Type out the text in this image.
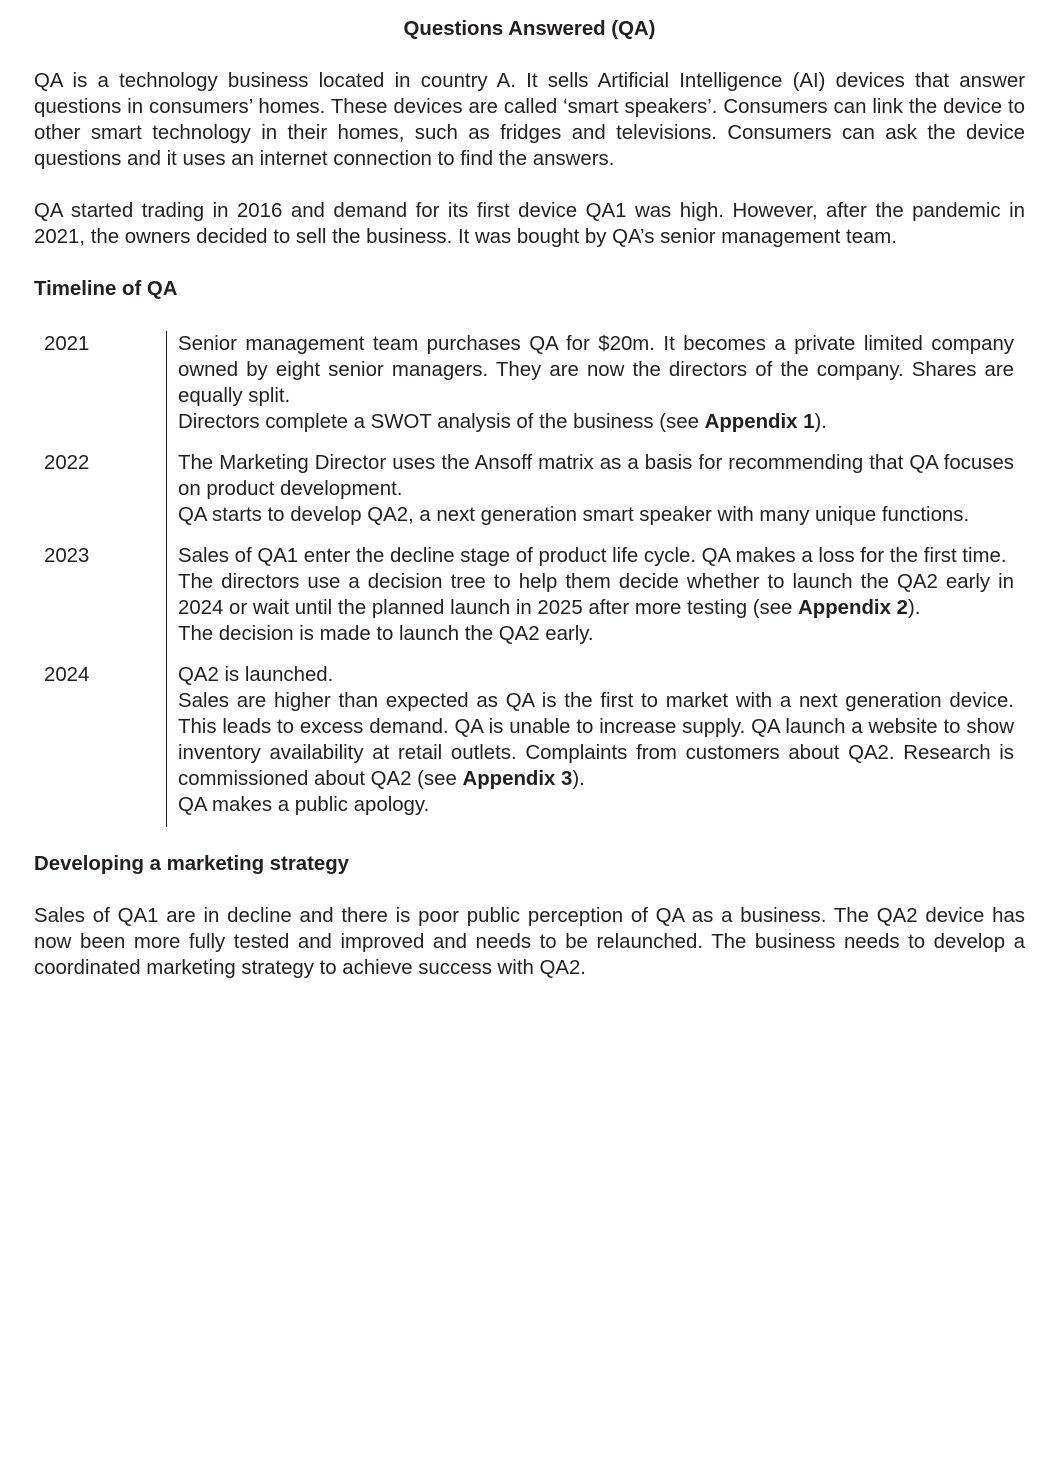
Questions Answered (QA)

QA is a technology business located in country A. It sells Artificial Intelligence (AI) devices that answer questions in consumers’ homes. These devices are called ‘smart speakers’. Consumers can link the device to other smart technology in their homes, such as fridges and televisions. Consumers can ask the device questions and it uses an internet connection to find the answers.

QA started trading in 2016 and demand for its first device QA1 was high. However, after the pandemic in 2021, the owners decided to sell the business. It was bought by QA’s senior management team.

Timeline of QA
2021	Senior management team purchases QA for $20m. It becomes a private limited company owned by eight senior managers. They are now the directors of the company. Shares are equally split.
Directors complete a SWOT analysis of the business (see Appendix 1).
2022	The Marketing Director uses the Ansoff matrix as a basis for recommending that QA focuses on product development.
QA starts to develop QA2, a next generation smart speaker with many unique functions.
2023	Sales of QA1 enter the decline stage of product life cycle. QA makes a loss for the first time.
The directors use a decision tree to help them decide whether to launch the QA2 early in 2024 or wait until the planned launch in 2025 after more testing (see Appendix 2).
The decision is made to launch the QA2 early.
2024	QA2 is launched.
Sales are higher than expected as QA is the first to market with a next generation device. This leads to excess demand. QA is unable to increase supply. QA launch a website to show inventory availability at retail outlets. Complaints from customers about QA2. Research is commissioned about QA2 (see Appendix 3).
QA makes a public apology.
Developing a marketing strategy

Sales of QA1 are in decline and there is poor public perception of QA as a business. The QA2 device has now been more fully tested and improved and needs to be relaunched. The business needs to develop a coordinated marketing strategy to achieve success with QA2.
